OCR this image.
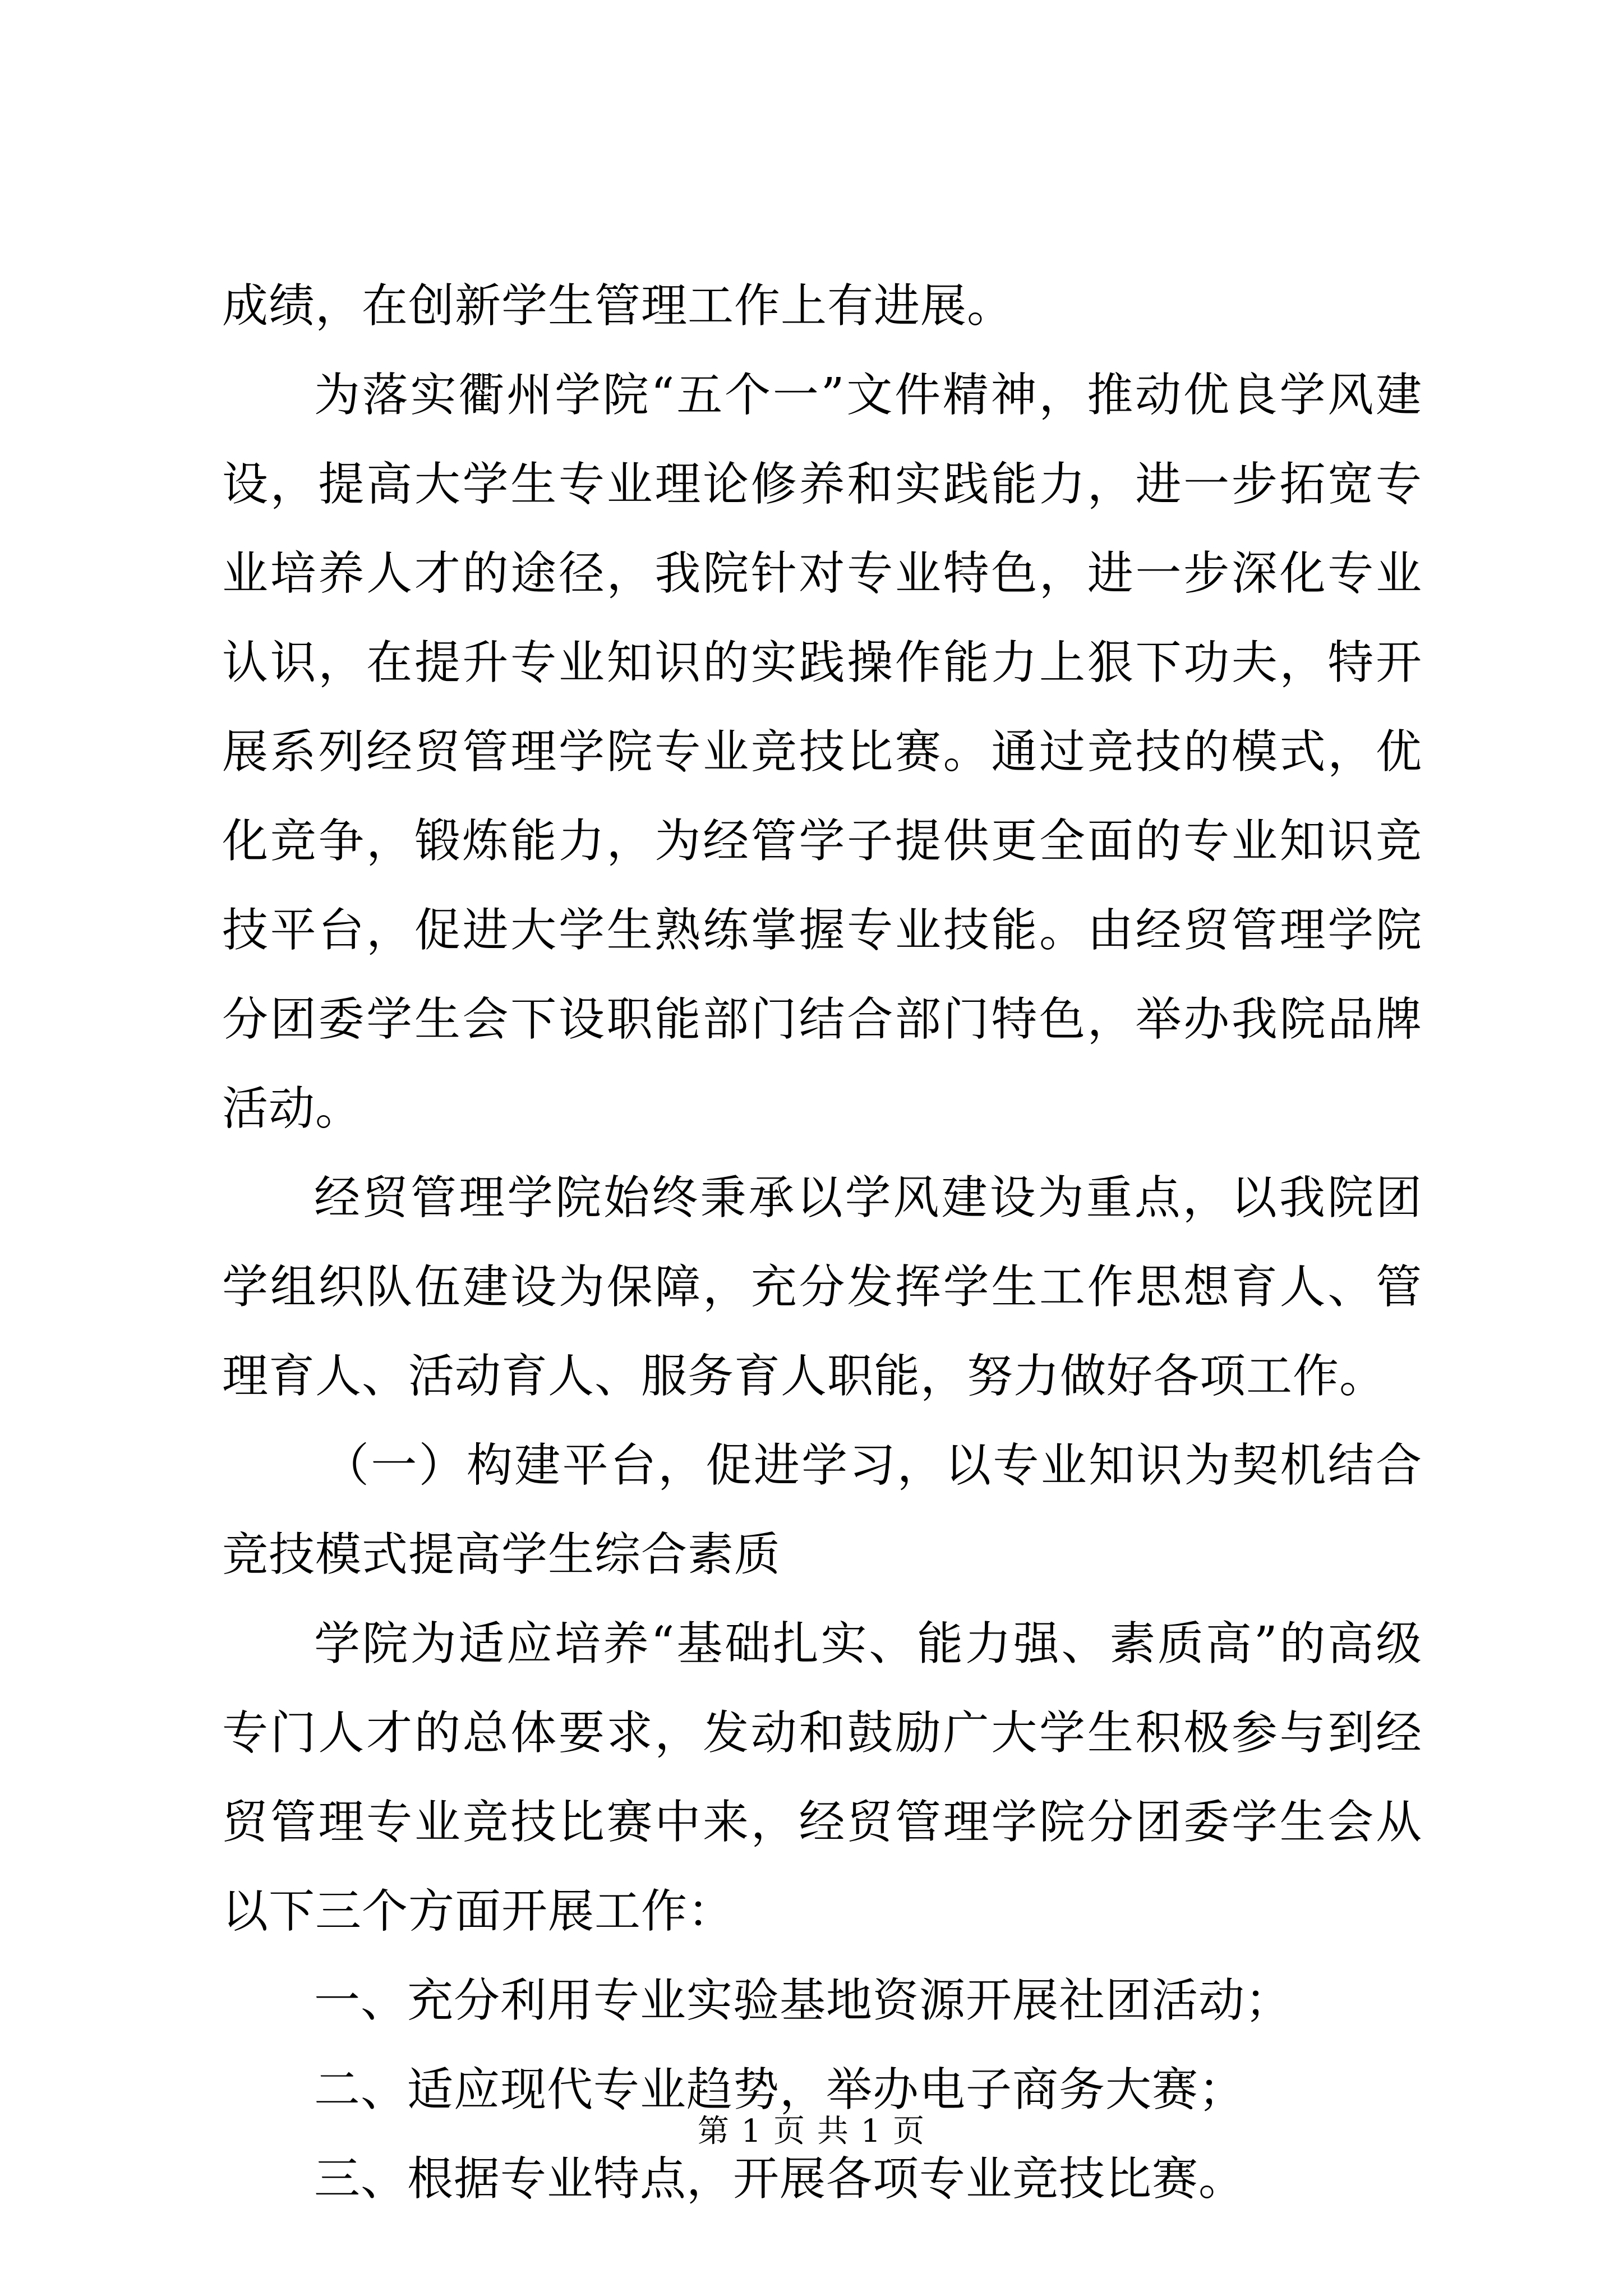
成绩，在创新学生管理工作上有进展。

为落实衢州学院“五个一”文件精神，推动优良学风建设，提高大学生专业理论修养和实践能力，进一步拓宽专业培养人才的途径，我院针对专业特色，进一步深化专业认识，在提升专业知识的实践操作能力上狠下功夫，特开展系列经贸管理学院专业竞技比赛。通过竞技的模式，优化竞争，锻炼能力，为经管学子提供更全面的专业知识竞技平台，促进大学生熟练掌握专业技能。由经贸管理学院分团委学生会下设职能部门结合部门特色，举办我院品牌活动。

经贸管理学院始终秉承以学风建设为重点，以我院团学组织队伍建设为保障，充分发挥学生工作思想育人、管理育人、活动育人、服务育人职能，努力做好各项工作。

（一）构建平台，促进学习，以专业知识为契机结合竞技模式提高学生综合素质

学院为适应培养“基础扎实、能力强、素质高”的高级专门人才的总体要求，发动和鼓励广大学生积极参与到经贸管理专业竞技比赛中来，经贸管理学院分团委学生会从以下三个方面开展工作：

一、充分利用专业实验基地资源开展社团活动；

二、适应现代专业趋势，举办电子商务大赛；

三、根据专业特点，开展各项专业竞技比赛。

第 1 页 共 1 页
